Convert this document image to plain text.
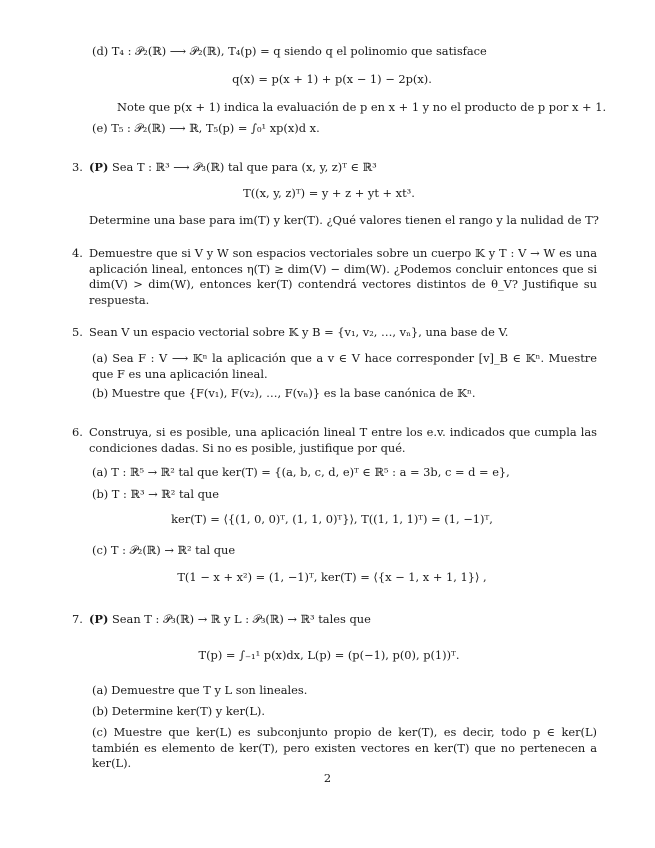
(d) T₄ : 𝒫₂(ℝ) ⟶ 𝒫₂(ℝ), T₄(p) = q siendo q el polinomio que satisface
q(x) = p(x + 1) + p(x − 1) − 2p(x).
Note que p(x + 1) indica la evaluación de p en x + 1 y no el producto de p por x + 1.
(e) T₅ : 𝒫₂(ℝ) ⟶ ℝ, T₅(p) = ∫₀¹ xp(x)d x.
3. (P) Sea T : ℝ³ ⟶ 𝒫₃(ℝ) tal que para (x, y, z)ᵀ ∈ ℝ³
T((x, y, z)ᵀ) = y + z + yt + xt³.
Determine una base para im(T) y ker(T). ¿Qué valores tienen el rango y la nulidad de T?
4. Demuestre que si V y W son espacios vectoriales sobre un cuerpo 𝕂 y T : V → W es una aplicación lineal, entonces η(T) ≥ dim(V) − dim(W). ¿Podemos concluir entonces que si dim(V) > dim(W), entonces ker(T) contendrá vectores distintos de θ_V? Justifique su respuesta.
5. Sean V un espacio vectorial sobre 𝕂 y B = {v₁, v₂, …, vₙ}, una base de V.
(a) Sea F : V ⟶ 𝕂ⁿ la aplicación que a v ∈ V hace corresponder [v]_B ∈ 𝕂ⁿ. Muestre que F es una aplicación lineal.
(b) Muestre que {F(v₁), F(v₂), …, F(vₙ)} es la base canónica de 𝕂ⁿ.
6. Construya, si es posible, una aplicación lineal T entre los e.v. indicados que cumpla las condiciones dadas. Si no es posible, justifique por qué.
(a) T : ℝ⁵ → ℝ² tal que ker(T) = {(a, b, c, d, e)ᵀ ∈ ℝ⁵ : a = 3b, c = d = e},
(b) T : ℝ³ → ℝ² tal que
ker(T) = ⟨{(1, 0, 0)ᵀ, (1, 1, 0)ᵀ}⟩, T((1, 1, 1)ᵀ) = (1, −1)ᵀ,
(c) T : 𝒫₂(ℝ) → ℝ² tal que
T(1 − x + x²) = (1, −1)ᵀ, ker(T) = ⟨{x − 1, x + 1, 1}⟩ ,
7. (P) Sean T : 𝒫₃(ℝ) → ℝ y L : 𝒫₃(ℝ) → ℝ³ tales que
T(p) = ∫₋₁¹ p(x)dx, L(p) = (p(−1), p(0), p(1))ᵀ.
(a) Demuestre que T y L son lineales.
(b) Determine ker(T) y ker(L).
(c) Muestre que ker(L) es subconjunto propio de ker(T), es decir, todo p ∈ ker(L) también es elemento de ker(T), pero existen vectores en ker(T) que no pertenecen a ker(L).
2
